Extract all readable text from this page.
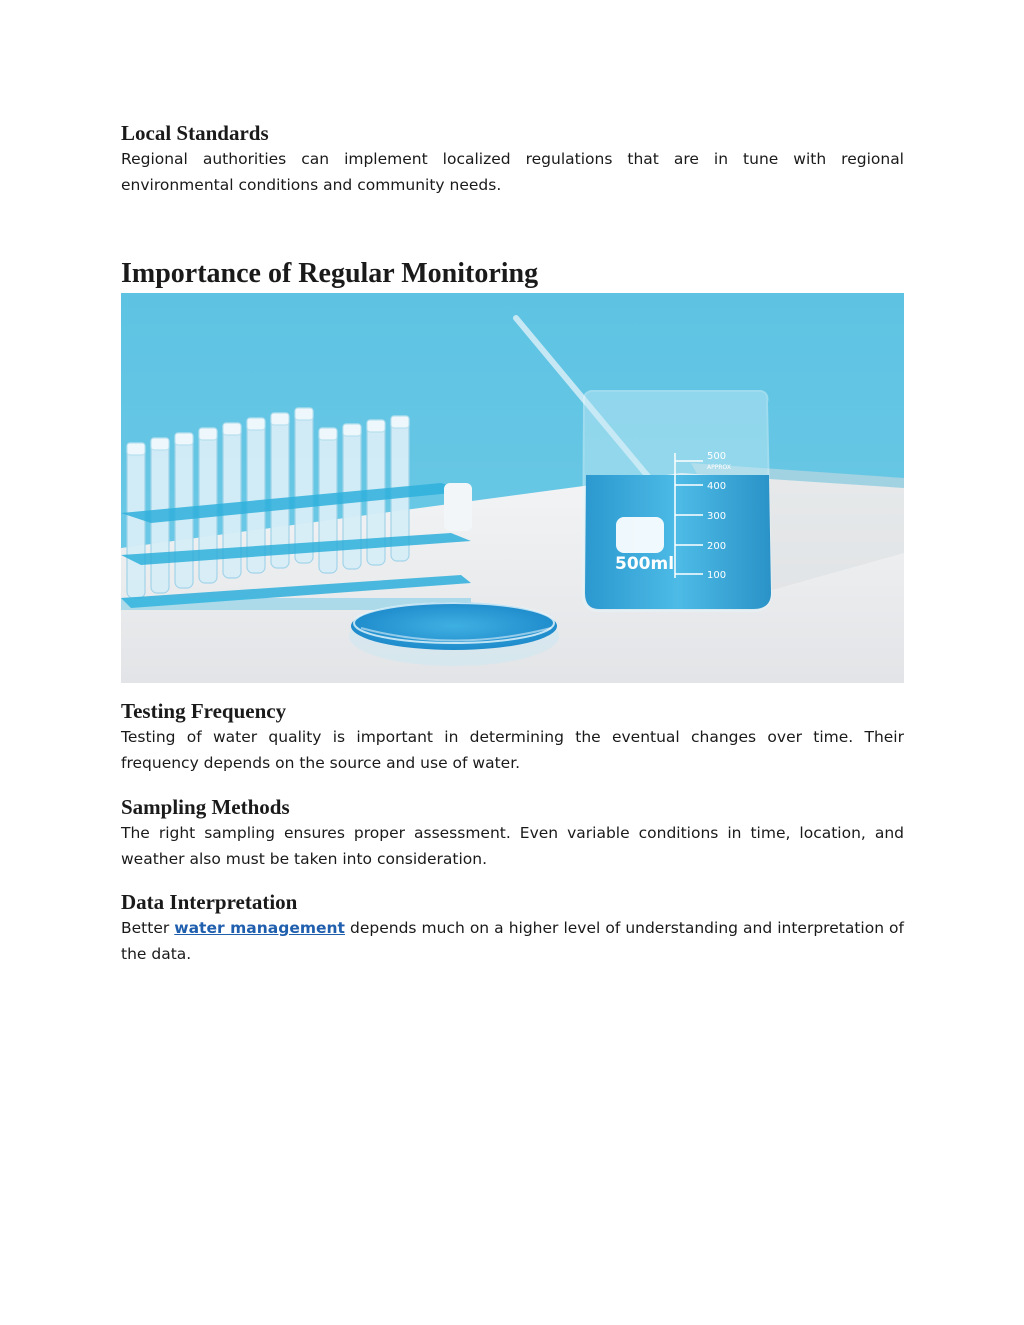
Local Standards

Regional authorities can implement localized regulations that are in tune with regional environmental conditions and community needs.

Importance of Regular Monitoring
500ml
500
APPROX
400
300
200
100
Testing Frequency

Testing of water quality is important in determining the eventual changes over time. Their frequency depends on the source and use of water.

Sampling Methods

The right sampling ensures proper assessment. Even variable conditions in time, location, and weather also must be taken into consideration.

Data Interpretation

Better water management depends much on a higher level of understanding and interpretation of the data.
